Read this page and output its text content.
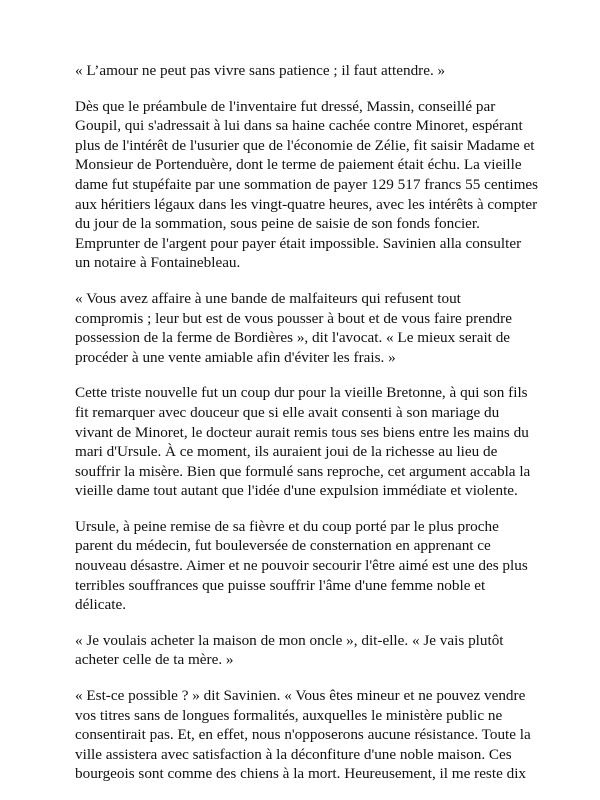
« L’amour ne peut pas vivre sans patience ; il faut attendre. »

Dès que le préambule de l'inventaire fut dressé, Massin, conseillé par
Goupil, qui s'adressait à lui dans sa haine cachée contre Minoret, espérant
plus de l'intérêt de l'usurier que de l'économie de Zélie, fit saisir Madame et
Monsieur de Portenduère, dont le terme de paiement était échu. La vieille
dame fut stupéfaite par une sommation de payer 129 517 francs 55 centimes
aux héritiers légaux dans les vingt-quatre heures, avec les intérêts à compter
du jour de la sommation, sous peine de saisie de son fonds foncier.
Emprunter de l'argent pour payer était impossible. Savinien alla consulter
un notaire à Fontainebleau.

« Vous avez affaire à une bande de malfaiteurs qui refusent tout
compromis ; leur but est de vous pousser à bout et de vous faire prendre
possession de la ferme de Bordières », dit l'avocat. « Le mieux serait de
procéder à une vente amiable afin d'éviter les frais. »

Cette triste nouvelle fut un coup dur pour la vieille Bretonne, à qui son fils
fit remarquer avec douceur que si elle avait consenti à son mariage du
vivant de Minoret, le docteur aurait remis tous ses biens entre les mains du
mari d'Ursule. À ce moment, ils auraient joui de la richesse au lieu de
souffrir la misère. Bien que formulé sans reproche, cet argument accabla la
vieille dame tout autant que l'idée d'une expulsion immédiate et violente.

Ursule, à peine remise de sa fièvre et du coup porté par le plus proche
parent du médecin, fut bouleversée de consternation en apprenant ce
nouveau désastre. Aimer et ne pouvoir secourir l'être aimé est une des plus
terribles souffrances que puisse souffrir l'âme d'une femme noble et
délicate.

« Je voulais acheter la maison de mon oncle », dit-elle. « Je vais plutôt
acheter celle de ta mère. »

« Est-ce possible ? » dit Savinien. « Vous êtes mineur et ne pouvez vendre
vos titres sans de longues formalités, auxquelles le ministère public ne
consentirait pas. Et, en effet, nous n'opposerons aucune résistance. Toute la
ville assistera avec satisfaction à la déconfiture d'une noble maison. Ces
bourgeois sont comme des chiens à la mort. Heureusement, il me reste dix
